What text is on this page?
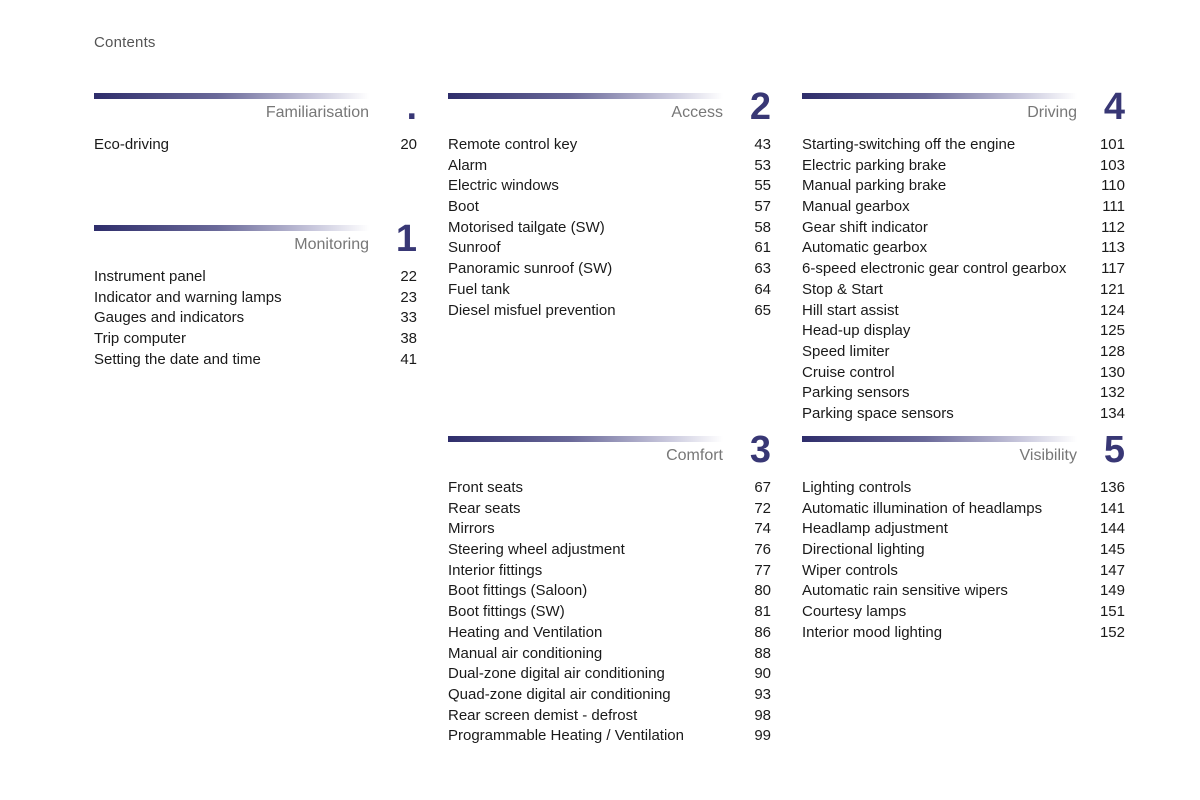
Contents
Familiarisation .
Eco-driving	20
Monitoring 1
Instrument panel	22
Indicator and warning lamps	23
Gauges and indicators	33
Trip computer	38
Setting the date and time	41
Access 2
Remote control key	43
Alarm	53
Electric windows	55
Boot	57
Motorised tailgate (SW)	58
Sunroof	61
Panoramic sunroof (SW)	63
Fuel tank	64
Diesel misfuel prevention	65
Comfort 3
Front seats	67
Rear seats	72
Mirrors	74
Steering wheel adjustment	76
Interior fittings	77
Boot fittings (Saloon)	80
Boot fittings (SW)	81
Heating and Ventilation	86
Manual air conditioning	88
Dual-zone digital air conditioning	90
Quad-zone digital air conditioning	93
Rear screen demist - defrost	98
Programmable Heating / Ventilation	99
Driving 4
Starting-switching off the engine	101
Electric parking brake	103
Manual parking brake	110
Manual gearbox	111
Gear shift indicator	112
Automatic gearbox	113
6-speed electronic gear control gearbox 117
Stop & Start	121
Hill start assist	124
Head-up display	125
Speed limiter	128
Cruise control	130
Parking sensors	132
Parking space sensors	134
Visibility 5
Lighting controls	136
Automatic illumination of headlamps	141
Headlamp adjustment	144
Directional lighting	145
Wiper controls	147
Automatic rain sensitive wipers	149
Courtesy lamps	151
Interior mood lighting	152
